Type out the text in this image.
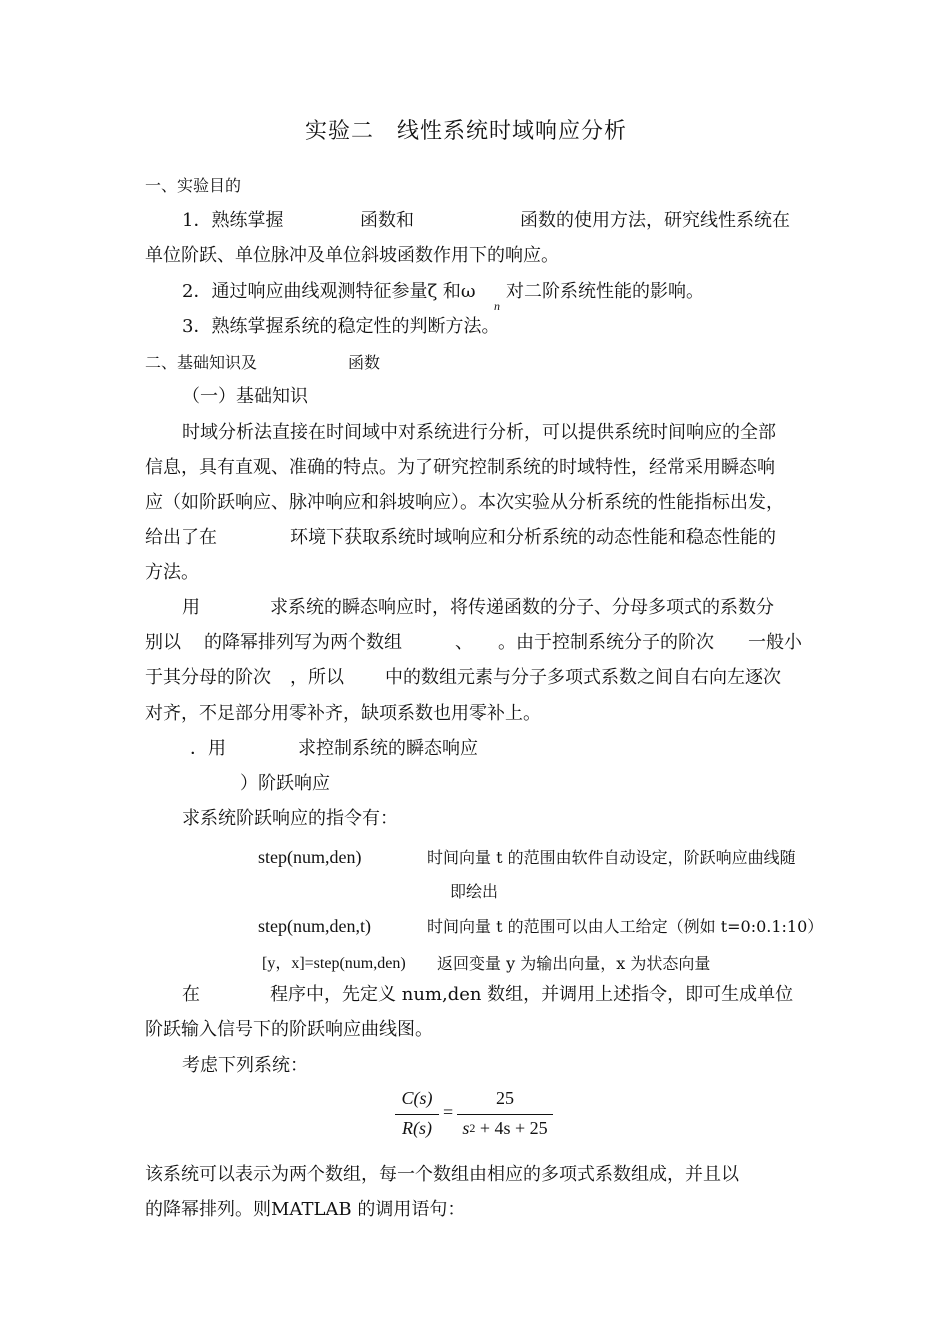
实验二　线性系统时域响应分析
一、实验目的
1．熟练掌握	函数和	函数的使用方法，研究线性系统在
单位阶跃、单位脉冲及单位斜坡函数作用下的响应。
2．通过响应曲线观测特征参量ζ 和ω
n
对二阶系统性能的影响。
3．熟练掌握系统的稳定性的判断方法。
二、基础知识及	函数
（一）基础知识
时域分析法直接在时间域中对系统进行分析，可以提供系统时间响应的全部
信息，具有直观、准确的特点。为了研究控制系统的时域特性，经常采用瞬态响
应（如阶跃响应、脉冲响应和斜坡响应）。本次实验从分析系统的性能指标出发，
给出了在	环境下获取系统时域响应和分析系统的动态性能和稳态性能的
方法。
用	求系统的瞬态响应时，将传递函数的分子、分母多项式的系数分
别以 的降幂排列写为两个数组	、 。由于控制系统分子的阶次 一般小
于其分母的阶次 ，所以 中的数组元素与分子多项式系数之间自右向左逐次
对齐，不足部分用零补齐，缺项系数也用零补上。
．用	求控制系统的瞬态响应
）阶跃响应
求系统阶跃响应的指令有：
step(num,den)	时间向量 t 的范围由软件自动设定，阶跃响应曲线随
即绘出
step(num,den,t)	时间向量 t 的范围可以由人工给定（例如 t=0:0.1:10）
[y，x]=step(num,den) 返回变量 y 为输出向量，x 为状态向量
在	程序中，先定义 num,den 数组，并调用上述指令，即可生成单位
阶跃输入信号下的阶跃响应曲线图。
考虑下列系统：
C(s)
R(s)
=
25
$s^2 + 4s + 25$
该系统可以表示为两个数组，每一个数组由相应的多项式系数组成，并且以
的降幂排列。则MATLAB 的调用语句：
